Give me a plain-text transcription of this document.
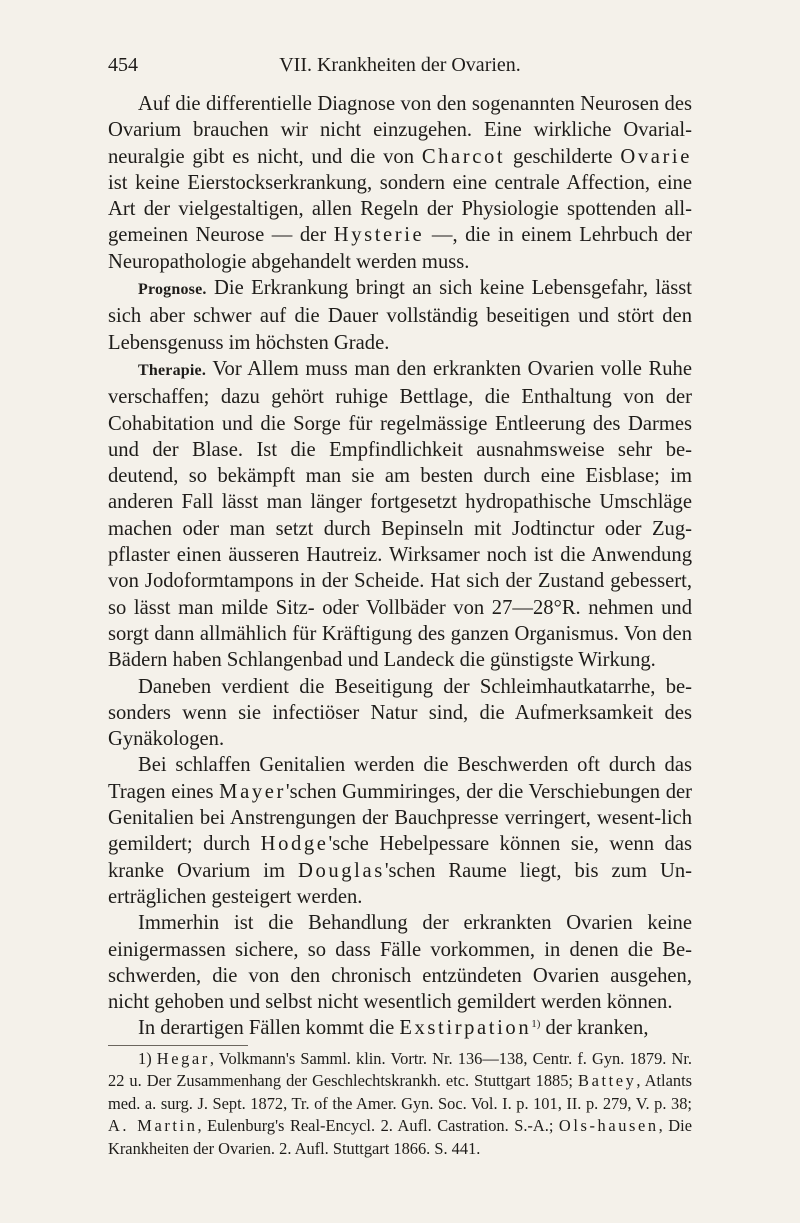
454	VII. Krankheiten der Ovarien.

Auf die differentielle Diagnose von den sogenannten Neurosen des Ovarium brauchen wir nicht einzugehen. Eine wirkliche Ovarial-neuralgie gibt es nicht, und die von Charcot geschilderte Ovarie ist keine Eierstockserkrankung, sondern eine centrale Affection, eine Art der vielgestaltigen, allen Regeln der Physiologie spottenden all-gemeinen Neurose — der Hysterie —, die in einem Lehrbuch der Neuropathologie abgehandelt werden muss.

Prognose. Die Erkrankung bringt an sich keine Lebensgefahr, lässt sich aber schwer auf die Dauer vollständig beseitigen und stört den Lebensgenuss im höchsten Grade.

Therapie. Vor Allem muss man den erkrankten Ovarien volle Ruhe verschaffen; dazu gehört ruhige Bettlage, die Enthaltung von der Cohabitation und die Sorge für regelmässige Entleerung des Darmes und der Blase. Ist die Empfindlichkeit ausnahmsweise sehr be-deutend, so bekämpft man sie am besten durch eine Eisblase; im anderen Fall lässt man länger fortgesetzt hydropathische Umschläge machen oder man setzt durch Bepinseln mit Jodtinctur oder Zug-pflaster einen äusseren Hautreiz. Wirksamer noch ist die Anwendung von Jodoformtampons in der Scheide. Hat sich der Zustand gebessert, so lässt man milde Sitz- oder Vollbäder von 27—28°R. nehmen und sorgt dann allmählich für Kräftigung des ganzen Organismus. Von den Bädern haben Schlangenbad und Landeck die günstigste Wirkung.

Daneben verdient die Beseitigung der Schleimhautkatarrhe, be-sonders wenn sie infectiöser Natur sind, die Aufmerksamkeit des Gynäkologen.

Bei schlaffen Genitalien werden die Beschwerden oft durch das Tragen eines Mayer'schen Gummiringes, der die Verschiebungen der Genitalien bei Anstrengungen der Bauchpresse verringert, wesent-lich gemildert; durch Hodge'sche Hebelpessare können sie, wenn das kranke Ovarium im Douglas'schen Raume liegt, bis zum Un-erträglichen gesteigert werden.

Immerhin ist die Behandlung der erkrankten Ovarien keine einigermassen sichere, so dass Fälle vorkommen, in denen die Be-schwerden, die von den chronisch entzündeten Ovarien ausgehen, nicht gehoben und selbst nicht wesentlich gemildert werden können.

In derartigen Fällen kommt die Exstirpation$^{1)}$ der kranken,

1) Hegar, Volkmann's Samml. klin. Vortr. Nr. 136—138, Centr. f. Gyn. 1879. Nr. 22 u. Der Zusammenhang der Geschlechtskrankh. etc. Stuttgart 1885; Battey, Atlants med. a. surg. J. Sept. 1872, Tr. of the Amer. Gyn. Soc. Vol. I. p. 101, II. p. 279, V. p. 38; A. Martin, Eulenburg's Real-Encycl. 2. Aufl. Castration. S.-A.; Ols-hausen, Die Krankheiten der Ovarien. 2. Aufl. Stuttgart 1866. S. 441.
